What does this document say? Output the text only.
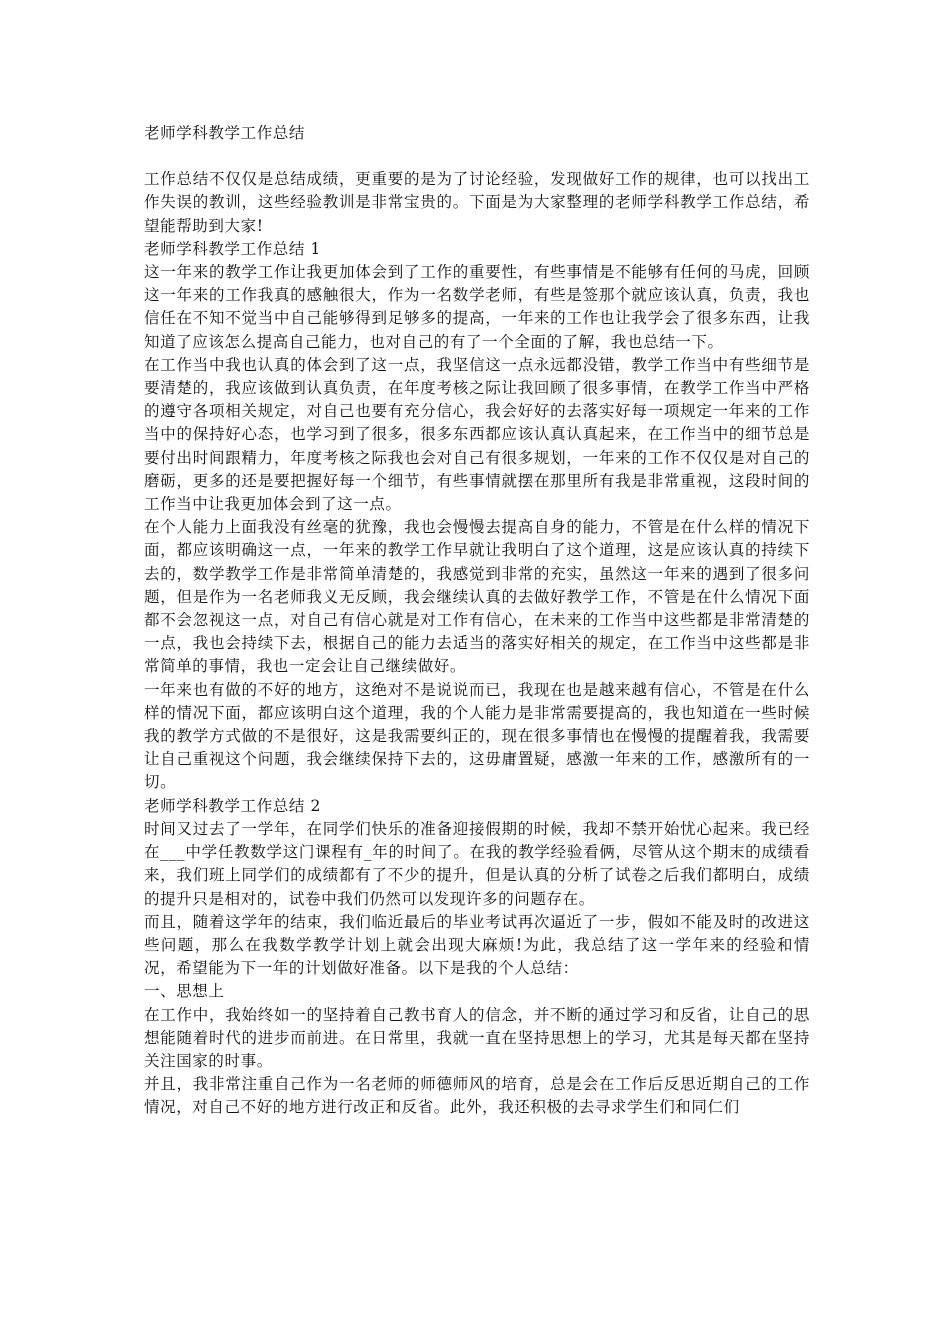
老师学科教学工作总结

工作总结不仅仅是总结成绩，更重要的是为了讨论经验，发现做好工作的规律，也可以找出工作失误的教训，这些经验教训是非常宝贵的。下面是为大家整理的老师学科教学工作总结，希望能帮助到大家!

老师学科教学工作总结 1

这一年来的教学工作让我更加体会到了工作的重要性，有些事情是不能够有任何的马虎，回顾这一年来的工作我真的感触很大，作为一名数学老师，有些是签那个就应该认真，负责，我也信任在不知不觉当中自己能够得到足够多的提高，一年来的工作也让我学会了很多东西，让我知道了应该怎么提高自己能力，也对自己的有了一个全面的了解，我也总结一下。

在工作当中我也认真的体会到了这一点，我坚信这一点永远都没错，教学工作当中有些细节是要清楚的，我应该做到认真负责，在年度考核之际让我回顾了很多事情，在教学工作当中严格的遵守各项相关规定，对自己也要有充分信心，我会好好的去落实好每一项规定一年来的工作当中的保持好心态，也学习到了很多，很多东西都应该认真认真起来，在工作当中的细节总是要付出时间跟精力，年度考核之际我也会对自己有很多规划，一年来的工作不仅仅是对自己的磨砺，更多的还是要把握好每一个细节，有些事情就摆在那里所有我是非常重视，这段时间的工作当中让我更加体会到了这一点。

在个人能力上面我没有丝毫的犹豫，我也会慢慢去提高自身的能力，不管是在什么样的情况下面，都应该明确这一点，一年来的教学工作早就让我明白了这个道理，这是应该认真的持续下去的，数学教学工作是非常简单清楚的，我感觉到非常的充实，虽然这一年来的遇到了很多问题，但是作为一名老师我义无反顾，我会继续认真的去做好教学工作，不管是在什么情况下面都不会忽视这一点，对自己有信心就是对工作有信心，在未来的工作当中这些都是非常清楚的一点，我也会持续下去，根据自己的能力去适当的落实好相关的规定，在工作当中这些都是非常简单的事情，我也一定会让自己继续做好。

一年来也有做的不好的地方，这绝对不是说说而已，我现在也是越来越有信心，不管是在什么样的情况下面，都应该明白这个道理，我的个人能力是非常需要提高的，我也知道在一些时候我的教学方式做的不是很好，这是我需要纠正的，现在很多事情也在慢慢的提醒着我，我需要让自己重视这个问题，我会继续保持下去的，这毋庸置疑，感激一年来的工作，感激所有的一切。

老师学科教学工作总结 2

时间又过去了一学年，在同学们快乐的准备迎接假期的时候，我却不禁开始忧心起来。我已经在___中学任教数学这门课程有_年的时间了。在我的教学经验看俩，尽管从这个期末的成绩看来，我们班上同学们的成绩都有了不少的提升，但是认真的分析了试卷之后我们都明白，成绩的提升只是相对的，试卷中我们仍然可以发现许多的问题存在。

而且，随着这学年的结束，我们临近最后的毕业考试再次逼近了一步，假如不能及时的改进这些问题，那么在我数学教学计划上就会出现大麻烦!为此，我总结了这一学年来的经验和情况，希望能为下一年的计划做好准备。以下是我的个人总结：

一、思想上

在工作中，我始终如一的坚持着自己教书育人的信念，并不断的通过学习和反省，让自己的思想能随着时代的进步而前进。在日常里，我就一直在坚持思想上的学习，尤其是每天都在坚持关注国家的时事。

并且，我非常注重自己作为一名老师的师德师风的培育，总是会在工作后反思近期自己的工作情况，对自己不好的地方进行改正和反省。此外，我还积极的去寻求学生们和同仁们
